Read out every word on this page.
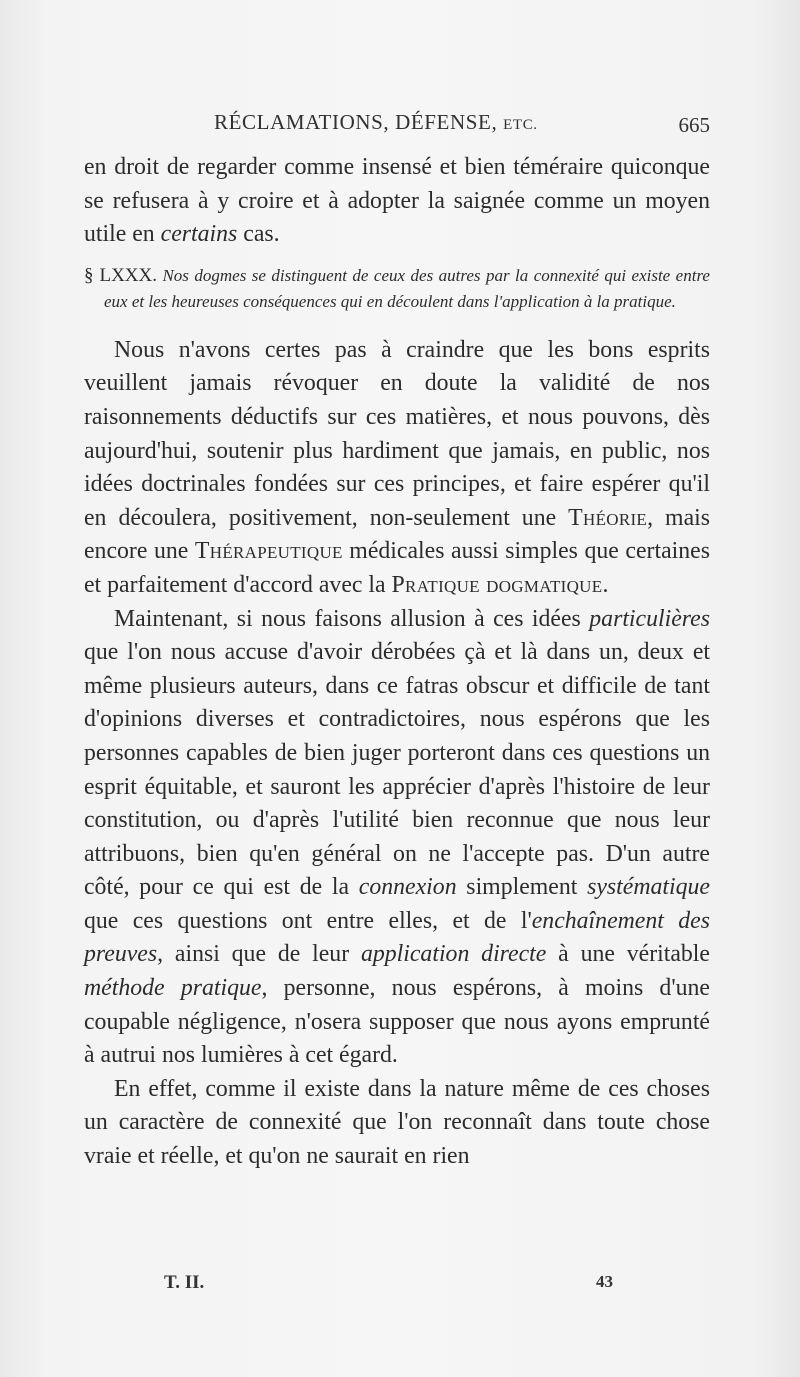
RÉCLAMATIONS, DÉFENSE, ETC.	665

en droit de regarder comme insensé et bien téméraire quiconque se refusera à y croire et à adopter la saignée comme un moyen utile en certains cas.

§ LXXX. Nos dogmes se distinguent de ceux des autres par la connexité qui existe entre eux et les heureuses conséquences qui en découlent dans l'application à la pratique.

Nous n'avons certes pas à craindre que les bons esprits veuillent jamais révoquer en doute la validité de nos raisonnements déductifs sur ces matières, et nous pouvons, dès aujourd'hui, soutenir plus hardiment que jamais, en public, nos idées doctrinales fondées sur ces principes, et faire espérer qu'il en découlera, positivement, non-seulement une Théorie, mais encore une Thérapeutique médicales aussi simples que certaines et parfaitement d'accord avec la Pratique dogmatique.

Maintenant, si nous faisons allusion à ces idées particulières que l'on nous accuse d'avoir dérobées çà et là dans un, deux et même plusieurs auteurs, dans ce fatras obscur et difficile de tant d'opinions diverses et contradictoires, nous espérons que les personnes capables de bien juger porteront dans ces questions un esprit équitable, et sauront les apprécier d'après l'histoire de leur constitution, ou d'après l'utilité bien reconnue que nous leur attribuons, bien qu'en général on ne l'accepte pas. D'un autre côté, pour ce qui est de la connexion simplement systématique que ces questions ont entre elles, et de l'enchaînement des preuves, ainsi que de leur application directe à une véritable méthode pratique, personne, nous espérons, à moins d'une coupable négligence, n'osera supposer que nous ayons emprunté à autrui nos lumières à cet égard.

En effet, comme il existe dans la nature même de ces choses un caractère de connexité que l'on reconnaît dans toute chose vraie et réelle, et qu'on ne saurait en rien

T. II.	43
